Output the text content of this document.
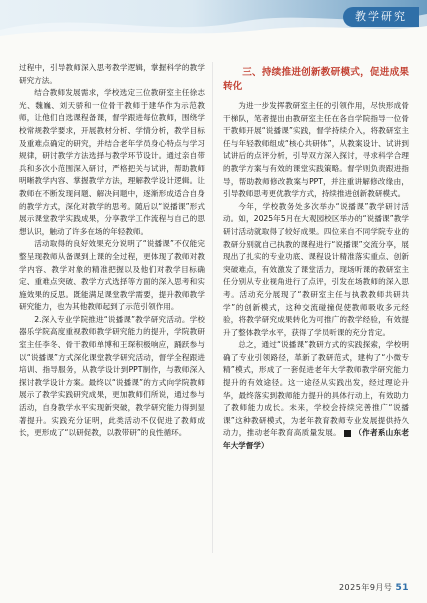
教学研究

过程中，引导教师深入思考教学逻辑，掌握科学的教学研究方法。

结合教师发展需求，学校选定三位教研室主任徐志光、魏巍、刘天骄和一位骨干教师于建华作为示范教师，让他们自选课程备课，督学跟进每位教师，围绕学校常规教学要求，开展教材分析、学情分析，教学目标及重难点确定的研究，并结合老年学员身心特点与学习规律，研讨教学方法选择与教学环节设计。通过亲自带兵和多次小范围深入研讨，严格把关与试讲，帮助教师明晰教学内容、掌握教学方法，理解教学设计逻辑。让教师在不断发现问题、解决问题中，逐渐形成适合自身的教学方式，深化对教学的思考。随后以“说播课”形式展示课堂教学实践成果，分享教学工作流程与自己的思想认识，触动了许多在场的年轻教师。

活动取得的良好效果充分说明了“说播课”不仅能完整呈现教师从备课到上课的全过程，更体现了教师对教学内容、教学对象的精准把握以及他们对教学目标确定、重难点突破、教学方式选择等方面的深入思考和实施效果的反思。既能满足课堂教学需要，提升教师教学研究能力，也为其他教师起到了示范引领作用。

2.深入专业学院推进“说播课”教学研究活动。学校器乐学院高度重视教师教学研究能力的提升，学院教研室主任李冬、骨干教师单博和王琛积极响应，踊跃参与以“说播课”方式深化课堂教学研究活动，督学全程跟进培训、指导服务，从教学设计到PPT制作，与教师深入探讨教学设计方案。最终以“说播课”的方式向学院教师展示了教学实践研究成果，更加教师们所说，通过参与活动，自身教学水平实现新突破，教学研究能力得到显著提升。实践充分证明，此类活动不仅促进了教师成长，更形成了“以研促教，以教带研”的良性循环。

三、持续推进创新教研模式，促进成果转化

为进一步发挥教研室主任的引领作用，尽快形成骨干梯队，笔者提出由教研室主任在各自学院指导一位骨干教师开展“说播课”实践，督学持续介入，将教研室主任与年轻教师组成“核心共研体”，从教案设计、试讲到试讲后的点评分析，引导双方深入探讨，寻求科学合理的教学方案与有效的课堂实践策略。督学则负责跟进指导，帮助教师修改教案与PPT，并注重讲解修改缘由，引导教师思考更优教学方式，持续推进创新教研模式。

今年，学校教务处多次举办“说播课”教学研讨活动。如，2025年5月在大观园校区举办的“说播课”教学研讨活动就取得了较好成果。四位来自不同学院专业的教研分别就自己执教的课程进行“说播课”交流分享，展现出了扎实的专业功底、课程设计精准落实重点、创新突破难点，有效激发了课堂活力，现场听课的教研室主任分别从专业视角进行了点评，引发在场教师的深入思考。活动充分展现了“教研室主任与执教教师共研共学”的创新模式，这种交流碰撞促使教师吸收多元经验，将教学研究成果转化为可推广的教学经验，有效提升了整体教学水平，获得了学员听课的充分肯定。

总之，通过“说播课”教研方式的实践探索，学校明确了专业引领路径，革新了教研范式，建构了“小微专精”模式，形成了一套促进老年大学教师教学研究能力提升的有效途径。这一途径从实践出发，经过理论升华，最终落实到教师能力提升的具体行动上，有效助力了教师能力成长。未来，学校会持续完善推广“说播课”这种教研模式，为老年教育教师专业发展提供持久动力，推动老年教育高质量发展。 （作者系山东老年大学督学）

2025年9月号 51
